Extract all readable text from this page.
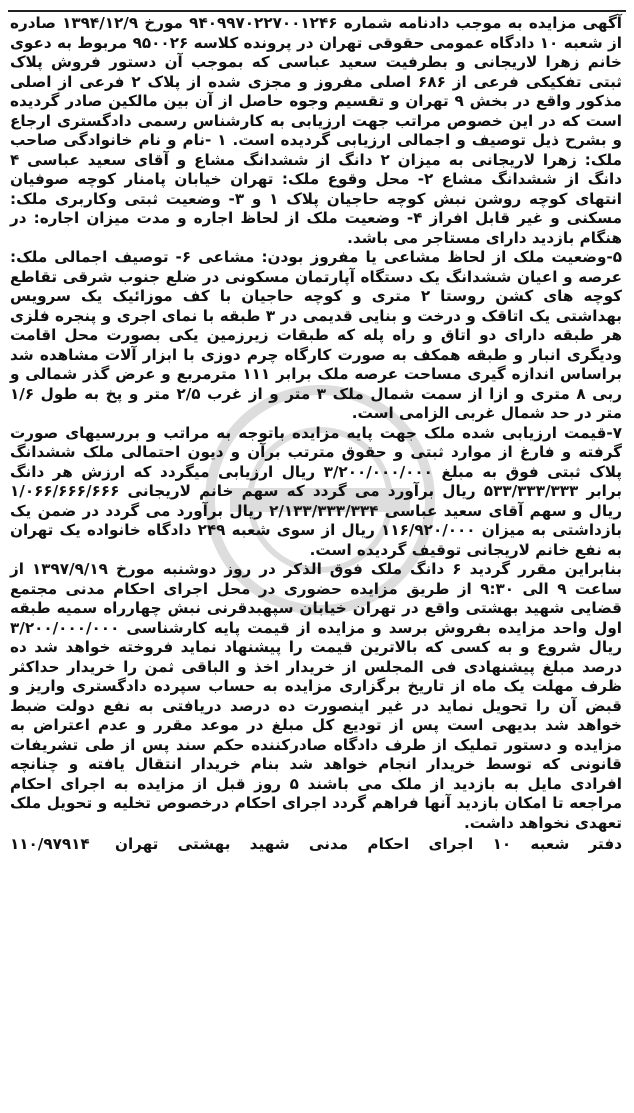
آگهی مزایده به موجب دادنامه شماره ۹۴۰۹۹۷۰۲۲۷۰۰۱۲۴۶ مورخ ۱۳۹۴/۱۲/۹ صادره از شعبه ۱۰ دادگاه عمومی حقوقی تهران در پرونده کلاسه ۹۵۰۰۲۶ مربوط به دعوی خانم زهرا لاریجانی و بطرفیت سعید عباسی که بموجب آن دستور فروش پلاک ثبتی تفکیکی فرعی از ۶۸۶ اصلی مفروز و مجزی شده از پلاک ۲ فرعی از اصلی مذکور واقع در بخش ۹ تهران و تقسیم وجوه حاصل از آن بین مالکین صادر گردیده است که در این خصوص مراتب جهت ارزیابی به کارشناس رسمی دادگستری ارجاع و بشرح ذیل توصیف و اجمالی ارزیابی گردیده است. ۱ -نام و نام خانوادگی صاحب ملک: زهرا لاریجانی به میزان ۲ دانگ از ششدانگ مشاع و آقای سعید عباسی ۴ دانگ از ششدانگ مشاع ۲- محل وقوع ملک: تهران خیابان پامنار کوچه صوفیان انتهای کوچه روشن نبش کوچه حاجیان پلاک ۱ و ۳- وضعیت ثبتی وکاربری ملک: مسکنی و غیر قابل افراز ۴- وضعیت ملک از لحاظ اجاره و مدت میزان اجاره: در هنگام بازدید دارای مستاجر می باشد.

۵-وضعیت ملک از لحاظ مشاعی یا مفروز بودن: مشاعی ۶- توصیف اجمالی ملک: عرصه و اعیان ششدانگ یک دستگاه آپارتمان مسکونی در ضلع جنوب شرقی تقاطع کوچه های کشن روستا ۲ متری و کوچه حاجیان با کف موزائیک یک سرویس بهداشتی یک اتاقک و درخت و بنایی قدیمی در ۳ طبقه با نمای اجری و پنجره فلزی هر طبقه دارای دو اتاق و راه پله که طبقات زیرزمین یکی بصورت محل اقامت ودیگری انبار و طبقه همکف به صورت کارگاه چرم دوزی با ابزار آلات مشاهده شد براساس اندازه گیری مساحت عرصه ملک برابر ۱۱۱ مترمربع و عرض گذر شمالی و ربی ۸ متری و ازا از سمت شمال ملک ۳ متر و از غرب ۲/۵ متر و پخ به طول ۱/۶ متر در حد شمال غربی الزامی است.

۷-قیمت ارزیابی شده ملک جهت پایه مزایده باتوجه به مراتب و بررسیهای صورت گرفته و فارغ از موارد ثبتی و حقوق مترتب برآن و دیون احتمالی ملک ششدانگ پلاک ثبتی فوق به مبلغ ۳/۲۰۰/۰۰۰/۰۰۰ ریال ارزیابی میگردد که ارزش هر دانگ برابر ۵۳۳/۳۳۳/۳۳۳ ریال برآورد می گردد که سهم خانم لاریجانی ۱/۰۶۶/۶۶۶/۶۶۶ ریال و سهم آقای سعید عباسی ۲/۱۳۳/۳۳۳/۳۳۴ ریال برآورد می گردد در ضمن یک بازداشتی به میزان ۱۱۶/۹۲۰/۰۰۰ ریال از سوی شعبه ۲۴۹ دادگاه خانواده یک تهران به نفع خانم لاریجانی توقیف گردیده است.

بنابراین مقرر گردید ۶ دانگ ملک فوق الذکر در روز دوشنبه مورخ ۱۳۹۷/۹/۱۹ از ساعت ۹ الی ۹:۳۰ از طریق مزایده حضوری در محل اجرای احکام مدنی مجتمع قضایی شهید بهشتی واقع در تهران خیابان سپهبدقرنی نبش چهارراه سمیه طبقه اول واحد مزایده بفروش برسد و مزایده از قیمت پایه کارشناسی ۳/۲۰۰/۰۰۰/۰۰۰ ریال شروع و به کسی که بالاترین قیمت را پیشنهاد نماید فروخته خواهد شد ده درصد مبلغ پیشنهادی فی المجلس از خریدار اخذ و الباقی ثمن را خریدار حداکثر ظرف مهلت یک ماه از تاریخ برگزاری مزایده به حساب سپرده دادگستری واریز و قبض آن را تحویل نماید در غیر اینصورت ده درصد دریافتی به نفع دولت ضبط خواهد شد بدیهی است پس از تودیع کل مبلغ در موعد مقرر و عدم اعتراض به مزایده و دستور تملیک از طرف دادگاه صادرکننده حکم سند پس از طی تشریفات قانونی که توسط خریدار انجام خواهد شد بنام خریدار انتقال یافته و چنانچه افرادی مایل به بازدید از ملک می باشند ۵ روز قبل از مزایده به اجرای احکام مراجعه تا امکان بازدید آنها فراهم گردد اجرای احکام درخصوص تخلیه و تحویل ملک تعهدی نخواهد داشت.

دفتر شعبه ۱۰ اجرای احکام مدنی شهید بهشتی تهران
۱۱۰/۹۷۹۱۴
